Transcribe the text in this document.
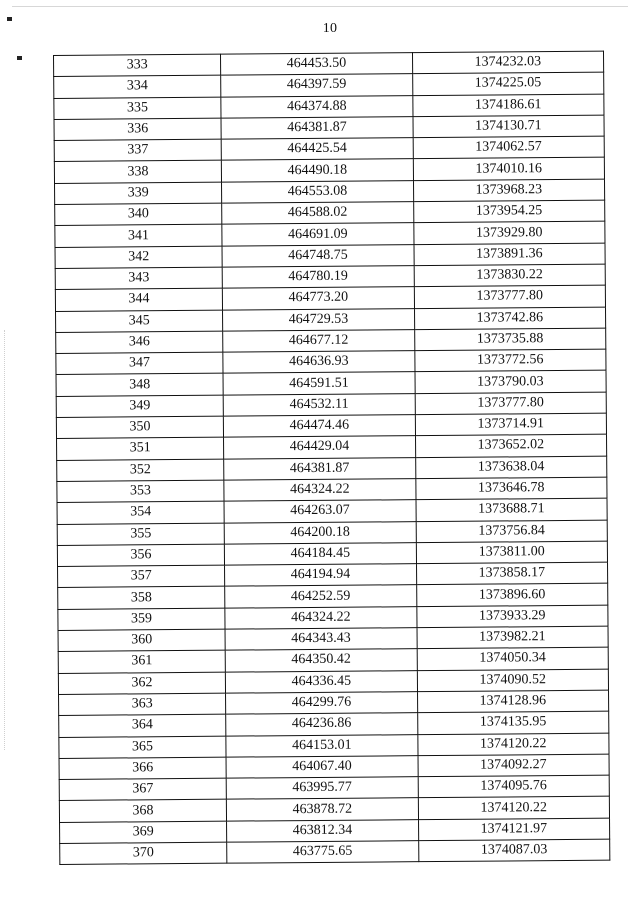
10
333	464453.50	1374232.03
334	464397.59	1374225.05
335	464374.88	1374186.61
336	464381.87	1374130.71
337	464425.54	1374062.57
338	464490.18	1374010.16
339	464553.08	1373968.23
340	464588.02	1373954.25
341	464691.09	1373929.80
342	464748.75	1373891.36
343	464780.19	1373830.22
344	464773.20	1373777.80
345	464729.53	1373742.86
346	464677.12	1373735.88
347	464636.93	1373772.56
348	464591.51	1373790.03
349	464532.11	1373777.80
350	464474.46	1373714.91
351	464429.04	1373652.02
352	464381.87	1373638.04
353	464324.22	1373646.78
354	464263.07	1373688.71
355	464200.18	1373756.84
356	464184.45	1373811.00
357	464194.94	1373858.17
358	464252.59	1373896.60
359	464324.22	1373933.29
360	464343.43	1373982.21
361	464350.42	1374050.34
362	464336.45	1374090.52
363	464299.76	1374128.96
364	464236.86	1374135.95
365	464153.01	1374120.22
366	464067.40	1374092.27
367	463995.77	1374095.76
368	463878.72	1374120.22
369	463812.34	1374121.97
370	463775.65	1374087.03
